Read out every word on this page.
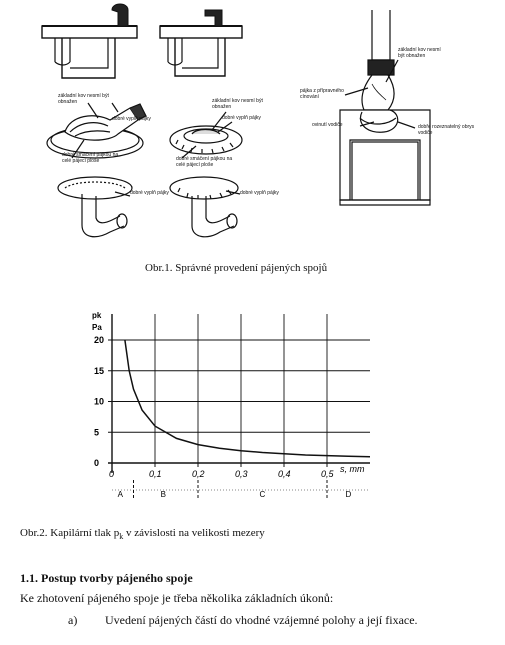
základní kov nesmí být obnažen
dobré vyplň pájky
dobré smáčení pájkou na celé pájecí ploše
dobré vyplň pájky
základní kov nesmí být obnažen
dobré vyplň pájky
dobré smáčení pájkou na celé pájecí ploše
dobré vyplň pájky
pájka z přípravného cínování
základní kov nesmí být obnažen
ovinutí vodiče	dobře rozeznatelný obrys vodiče
Obr.1. Správné provedení pájených spojů
20
15
10
5
0
0	0,1	0,2	0,3	0,4	0,5
A	B	C	D
pk
Pa
s, mm
Obr.2. Kapilární tlak $p_k$ v závislosti na velikosti mezery
1.1. Postup tvorby pájeného spoje
Ke zhotovení pájeného spoje je třeba několika základních úkonů:
a) Uvedení pájených částí do vhodné vzájemné polohy a její fixace.
